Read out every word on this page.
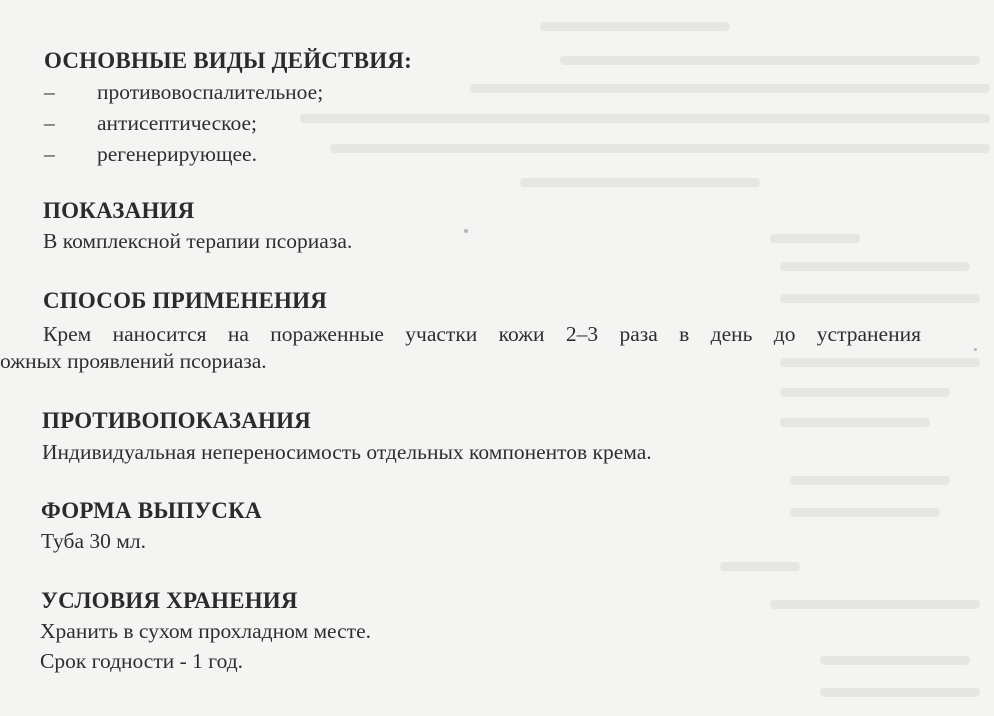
ОСНОВНЫЕ ВИДЫ ДЕЙСТВИЯ:
– противовоспалительное;
– антисептическое;
– регенерирующее.
ПОКАЗАНИЯ
В комплексной терапии псориаза.
СПОСОБ ПРИМЕНЕНИЯ
Крем наносится на пораженные участки кожи 2–3 раза в день до устранения
ожных проявлений псориаза.
ПРОТИВОПОКАЗАНИЯ
Индивидуальная непереносимость отдельных компонентов крема.
ФОРМА ВЫПУСКА
Туба 30 мл.
УСЛОВИЯ ХРАНЕНИЯ
Хранить в сухом прохладном месте.
Срок годности - 1 год.
